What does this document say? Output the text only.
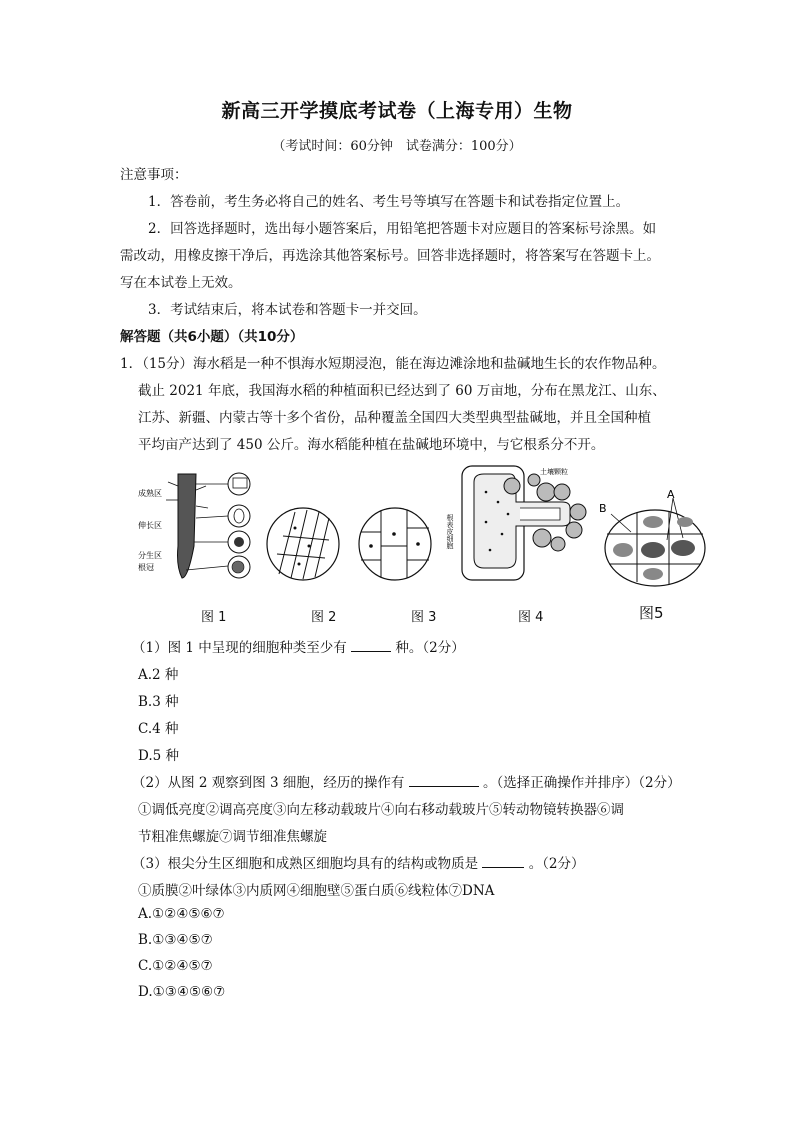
新高三开学摸底考试卷（上海专用）生物
（考试时间：60分钟　试卷满分：100分）
注意事项：
1．答卷前，考生务必将自己的姓名、考生号等填写在答题卡和试卷指定位置上。
2．回答选择题时，选出每小题答案后，用铅笔把答题卡对应题目的答案标号涂黑。如
需改动，用橡皮擦干净后，再选涂其他答案标号。回答非选择题时，将答案写在答题卡上。
写在本试卷上无效。
3．考试结束后，将本试卷和答题卡一并交回。
解答题（共6小题）（共10分）
1．（15分）海水稻是一种不惧海水短期浸泡，能在海边滩涂地和盐碱地生长的农作物品种。
截止 2021 年底，我国海水稻的种植面积已经达到了 60 万亩地，分布在黑龙江、山东、
江苏、新疆、内蒙古等十多个省份，品种覆盖全国四大类型典型盐碱地，并且全国种植
平均亩产达到了 450 公斤。海水稻能种植在盐碱地环境中，与它根系分不开。
成熟区
伸长区
分生区
根冠
土壤颗粒
根表皮细胞
A
B
图 1	图 2	图 3	图 4	图5
（1）图 1 中呈现的细胞种类至少有	种。（2分）
A.2 种
B.3 种
C.4 种
D.5 种
（2）从图 2 观察到图 3 细胞，经历的操作有	。（选择正确操作并排序）（2分）
①调低亮度②调高亮度③向左移动载玻片④向右移动载玻片⑤转动物镜转换器⑥调
节粗准焦螺旋⑦调节细准焦螺旋
（3）根尖分生区细胞和成熟区细胞均具有的结构或物质是	。（2分）
①质膜②叶绿体③内质网④细胞壁⑤蛋白质⑥线粒体⑦DNA
A.①②④⑤⑥⑦
B.①③④⑤⑦
C.①②④⑤⑦
D.①③④⑤⑥⑦
